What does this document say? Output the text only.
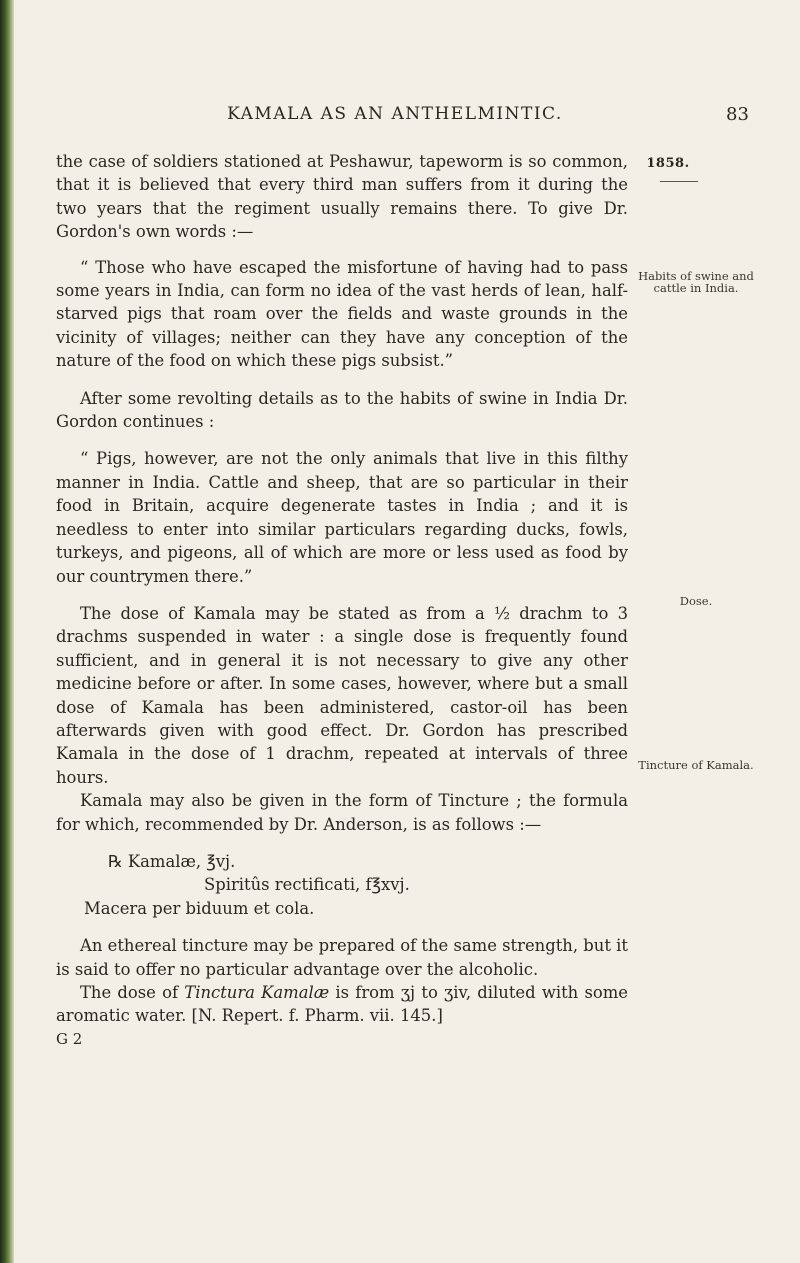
KAMALA AS AN ANTHELMINTIC.	83
1858.
Habits of swine and cattle in India.
Dose.
Tincture of Kamala.

the case of soldiers stationed at Peshawur, tapeworm is so common, that it is believed that every third man suffers from it during the two years that the regiment usually remains there. To give Dr. Gordon's own words :—

“ Those who have escaped the misfortune of having had to pass some years in India, can form no idea of the vast herds of lean, half-starved pigs that roam over the fields and waste grounds in the vicinity of villages; neither can they have any conception of the nature of the food on which these pigs subsist.”

After some revolting details as to the habits of swine in India Dr. Gordon continues :

“ Pigs, however, are not the only animals that live in this filthy manner in India. Cattle and sheep, that are so particular in their food in Britain, acquire degenerate tastes in India ; and it is needless to enter into similar particulars regarding ducks, fowls, turkeys, and pigeons, all of which are more or less used as food by our countrymen there.”

The dose of Kamala may be stated as from a ½ drachm to 3 drachms suspended in water : a single dose is frequently found sufficient, and in general it is not necessary to give any other medicine before or after. In some cases, however, where but a small dose of Kamala has been administered, castor-oil has been afterwards given with good effect. Dr. Gordon has prescribed Kamala in the dose of 1 drachm, repeated at intervals of three hours.

Kamala may also be given in the form of Tincture ; the formula for which, recommended by Dr. Anderson, is as follows :—

℞ Kamalæ, ℥vj.
Spiritûs rectificati, f℥xvj.
Macera per biduum et cola.

An ethereal tincture may be prepared of the same strength, but it is said to offer no particular advantage over the alcoholic.

The dose of Tinctura Kamalæ is from ʒj to ʒiv, diluted with some aromatic water. [N. Repert. f. Pharm. vii. 145.]

G 2
